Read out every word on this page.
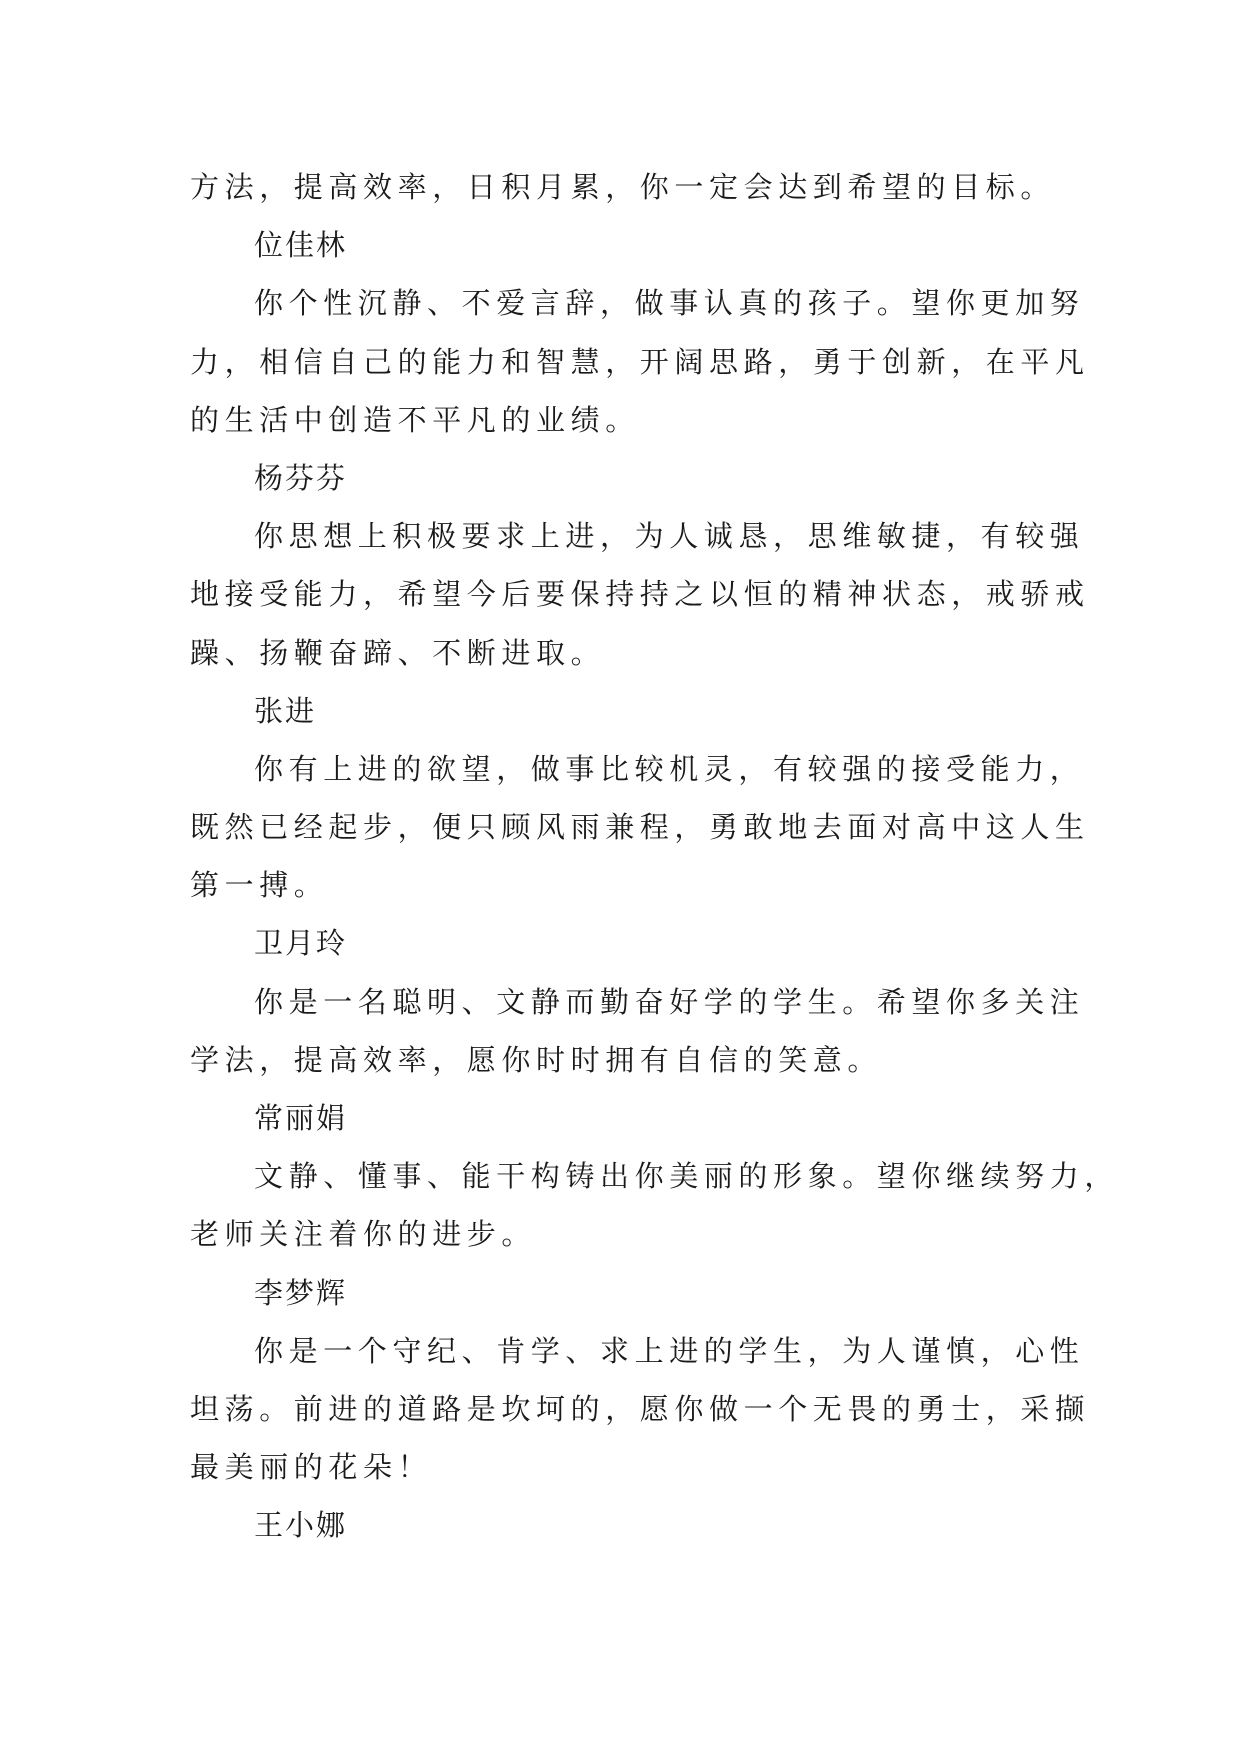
方法，提高效率，日积月累，你一定会达到希望的目标。

位佳林

你个性沉静、不爱言辞，做事认真的孩子。望你更加努

力，相信自己的能力和智慧，开阔思路，勇于创新，在平凡

的生活中创造不平凡的业绩。

杨芬芬

你思想上积极要求上进，为人诚恳，思维敏捷，有较强

地接受能力，希望今后要保持持之以恒的精神状态，戒骄戒

躁、扬鞭奋蹄、不断进取。

张进

你有上进的欲望，做事比较机灵，有较强的接受能力，

既然已经起步，便只顾风雨兼程，勇敢地去面对高中这人生

第一搏。

卫月玲

你是一名聪明、文静而勤奋好学的学生。希望你多关注

学法，提高效率，愿你时时拥有自信的笑意。

常丽娟

文静、懂事、能干构铸出你美丽的形象。望你继续努力，

老师关注着你的进步。

李梦辉

你是一个守纪、肯学、求上进的学生，为人谨慎，心性

坦荡。前进的道路是坎坷的，愿你做一个无畏的勇士，采撷

最美丽的花朵！

王小娜
